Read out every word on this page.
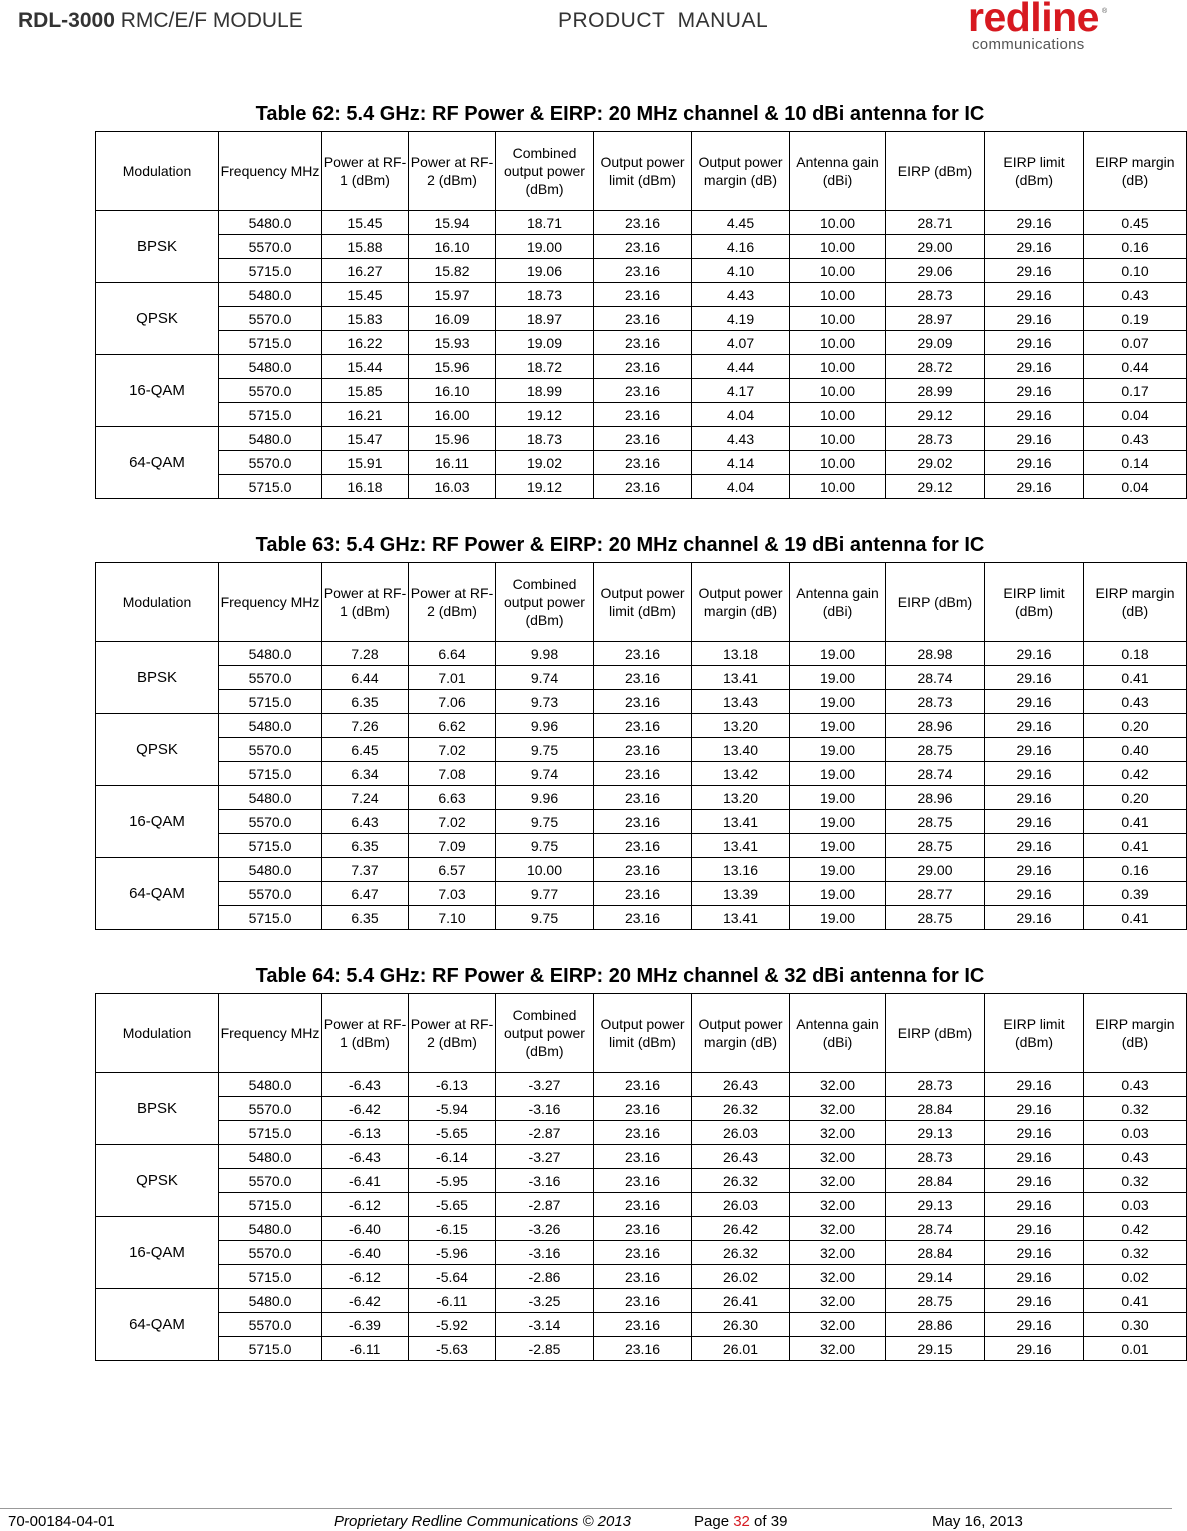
RDL-3000 RMC/E/F MODULE	PRODUCT  MANUAL	redline ®
communications
Table 62: 5.4 GHz: RF Power & EIRP: 20 MHz channel & 10 dBi antenna for IC
Modulation	Frequency MHz	Power at RF-1 (dBm)	Power at RF-2 (dBm)	Combined output power (dBm)	Output power limit (dBm)	Output power margin (dB)	Antenna gain (dBi)	EIRP (dBm)	EIRP limit (dBm)	EIRP margin (dB)
BPSK	5480.0	15.45	15.94	18.71	23.16	4.45	10.00	28.71	29.16	0.45
	5570.0	15.88	16.10	19.00	23.16	4.16	10.00	29.00	29.16	0.16
	5715.0	16.27	15.82	19.06	23.16	4.10	10.00	29.06	29.16	0.10
QPSK	5480.0	15.45	15.97	18.73	23.16	4.43	10.00	28.73	29.16	0.43
	5570.0	15.83	16.09	18.97	23.16	4.19	10.00	28.97	29.16	0.19
	5715.0	16.22	15.93	19.09	23.16	4.07	10.00	29.09	29.16	0.07
16-QAM	5480.0	15.44	15.96	18.72	23.16	4.44	10.00	28.72	29.16	0.44
	5570.0	15.85	16.10	18.99	23.16	4.17	10.00	28.99	29.16	0.17
	5715.0	16.21	16.00	19.12	23.16	4.04	10.00	29.12	29.16	0.04
64-QAM	5480.0	15.47	15.96	18.73	23.16	4.43	10.00	28.73	29.16	0.43
	5570.0	15.91	16.11	19.02	23.16	4.14	10.00	29.02	29.16	0.14
	5715.0	16.18	16.03	19.12	23.16	4.04	10.00	29.12	29.16	0.04
Table 63: 5.4 GHz: RF Power & EIRP: 20 MHz channel & 19 dBi antenna for IC
Modulation	Frequency MHz	Power at RF-1 (dBm)	Power at RF-2 (dBm)	Combined output power (dBm)	Output power limit (dBm)	Output power margin (dB)	Antenna gain (dBi)	EIRP (dBm)	EIRP limit (dBm)	EIRP margin (dB)
BPSK	5480.0	7.28	6.64	9.98	23.16	13.18	19.00	28.98	29.16	0.18
	5570.0	6.44	7.01	9.74	23.16	13.41	19.00	28.74	29.16	0.41
	5715.0	6.35	7.06	9.73	23.16	13.43	19.00	28.73	29.16	0.43
QPSK	5480.0	7.26	6.62	9.96	23.16	13.20	19.00	28.96	29.16	0.20
	5570.0	6.45	7.02	9.75	23.16	13.40	19.00	28.75	29.16	0.40
	5715.0	6.34	7.08	9.74	23.16	13.42	19.00	28.74	29.16	0.42
16-QAM	5480.0	7.24	6.63	9.96	23.16	13.20	19.00	28.96	29.16	0.20
	5570.0	6.43	7.02	9.75	23.16	13.41	19.00	28.75	29.16	0.41
	5715.0	6.35	7.09	9.75	23.16	13.41	19.00	28.75	29.16	0.41
64-QAM	5480.0	7.37	6.57	10.00	23.16	13.16	19.00	29.00	29.16	0.16
	5570.0	6.47	7.03	9.77	23.16	13.39	19.00	28.77	29.16	0.39
	5715.0	6.35	7.10	9.75	23.16	13.41	19.00	28.75	29.16	0.41
Table 64: 5.4 GHz: RF Power & EIRP: 20 MHz channel & 32 dBi antenna for IC
Modulation	Frequency MHz	Power at RF-1 (dBm)	Power at RF-2 (dBm)	Combined output power (dBm)	Output power limit (dBm)	Output power margin (dB)	Antenna gain (dBi)	EIRP (dBm)	EIRP limit (dBm)	EIRP margin (dB)
BPSK	5480.0	-6.43	-6.13	-3.27	23.16	26.43	32.00	28.73	29.16	0.43
	5570.0	-6.42	-5.94	-3.16	23.16	26.32	32.00	28.84	29.16	0.32
	5715.0	-6.13	-5.65	-2.87	23.16	26.03	32.00	29.13	29.16	0.03
QPSK	5480.0	-6.43	-6.14	-3.27	23.16	26.43	32.00	28.73	29.16	0.43
	5570.0	-6.41	-5.95	-3.16	23.16	26.32	32.00	28.84	29.16	0.32
	5715.0	-6.12	-5.65	-2.87	23.16	26.03	32.00	29.13	29.16	0.03
16-QAM	5480.0	-6.40	-6.15	-3.26	23.16	26.42	32.00	28.74	29.16	0.42
	5570.0	-6.40	-5.96	-3.16	23.16	26.32	32.00	28.84	29.16	0.32
	5715.0	-6.12	-5.64	-2.86	23.16	26.02	32.00	29.14	29.16	0.02
64-QAM	5480.0	-6.42	-6.11	-3.25	23.16	26.41	32.00	28.75	29.16	0.41
	5570.0	-6.39	-5.92	-3.14	23.16	26.30	32.00	28.86	29.16	0.30
	5715.0	-6.11	-5.63	-2.85	23.16	26.01	32.00	29.15	29.16	0.01
70-00184-04-01	Proprietary Redline Communications © 2013	Page 32 of 39	May 16, 2013
